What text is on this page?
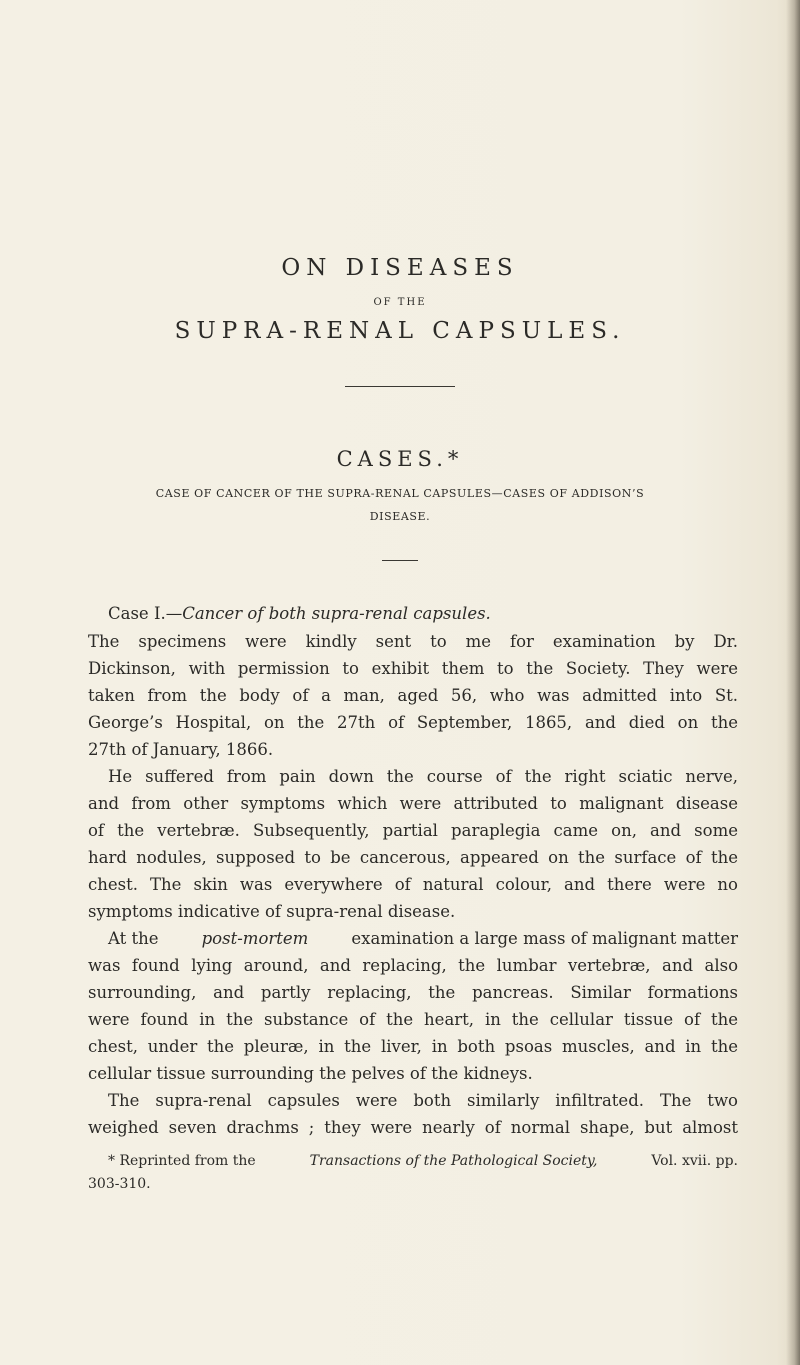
ON DISEASES
OF THE
SUPRA-RENAL CAPSULES.
CASES.*
CASE OF CANCER OF THE SUPRA-RENAL CAPSULES—CASES OF ADDISON’S
DISEASE.
Case I.—Cancer of both supra-renal capsules.
The specimens were kindly sent to me for examination by Dr.
Dickinson, with permission to exhibit them to the Society. They were
taken from the body of a man, aged 56, who was admitted into St.
George’s Hospital, on the 27th of September, 1865, and died on the
27th of January, 1866.
He suffered from pain down the course of the right sciatic nerve,
and from other symptoms which were attributed to malignant disease
of the vertebræ. Subsequently, partial paraplegia came on, and some
hard nodules, supposed to be cancerous, appeared on the surface of the
chest. The skin was everywhere of natural colour, and there were no
symptoms indicative of supra-renal disease.
At the	post-mortem	examination a large mass of malignant matter
was found lying around, and replacing, the lumbar vertebræ, and also
surrounding, and partly replacing, the pancreas. Similar formations
were found in the substance of the heart, in the cellular tissue of the
chest, under the pleuræ, in the liver, in both psoas muscles, and in the
cellular tissue surrounding the pelves of the kidneys.
The supra-renal capsules were both similarly infiltrated. The two
weighed seven drachms ; they were nearly of normal shape, but almost
* Reprinted from the	Transactions of the Pathological Society,	Vol. xvii. pp.
303-310.
